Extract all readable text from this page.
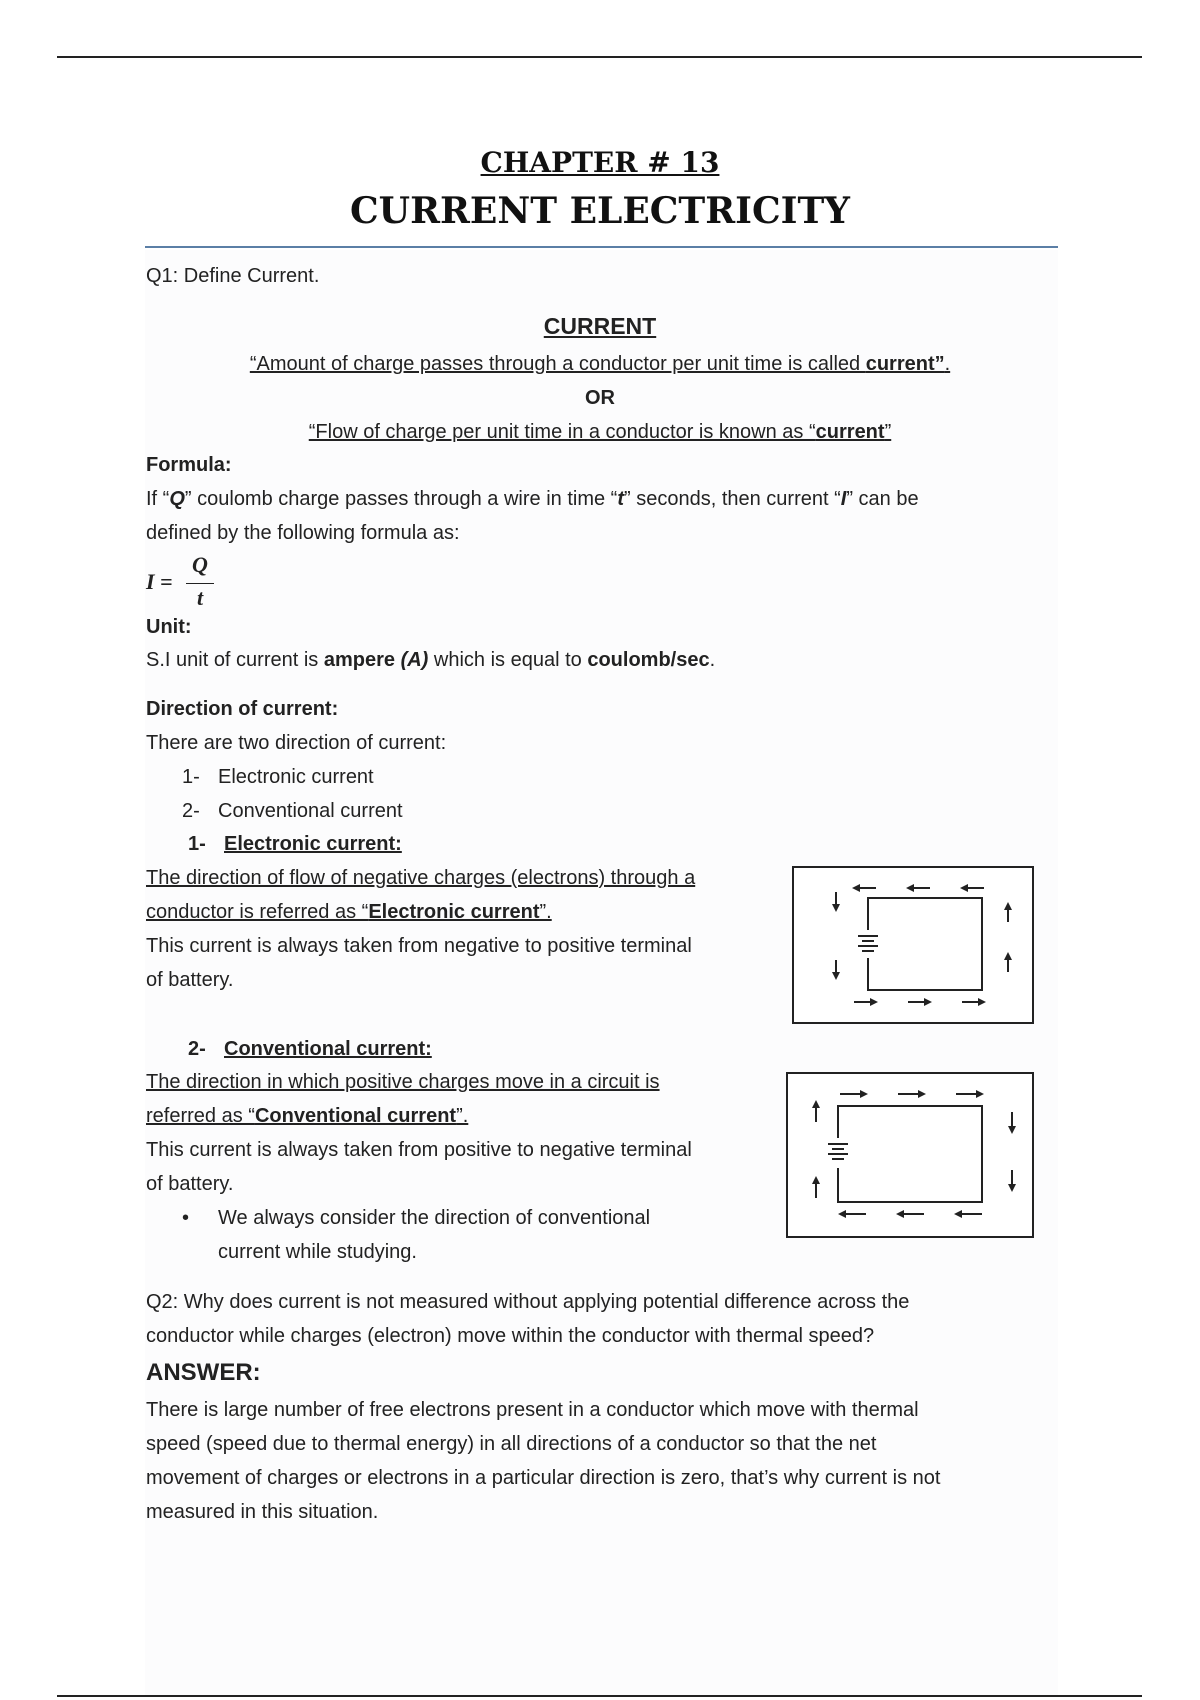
CHAPTER # 13
CURRENT ELECTRICITY
Q1: Define Current.
CURRENT
“Amount of charge passes through a conductor per unit time is called current”.
OR
“Flow of charge per unit time in a conductor is known as “current”
Formula:
If “Q” coulomb charge passes through a wire in time “t” seconds, then current “I” can be
defined by the following formula as:
I =
Q
t
Unit:
S.I unit of current is ampere (A) which is equal to coulomb/sec.
Direction of current:
There are two direction of current:
1- Electronic current
2- Conventional current
1- Electronic current:
The direction of flow of negative charges (electrons) through a
conductor is referred as “Electronic current”.
This current is always taken from negative to positive terminal
of battery.
2- Conventional current:
The direction in which positive charges move in a circuit is
referred as “Conventional current”.
This current is always taken from positive to negative terminal
of battery.
• We always consider the direction of conventional
current while studying.
Q2: Why does current is not measured without applying potential difference across the
conductor while charges (electron) move within the conductor with thermal speed?
ANSWER:
There is large number of free electrons present in a conductor which move with thermal
speed (speed due to thermal energy) in all directions of a conductor so that the net
movement of charges or electrons in a particular direction is zero, that’s why current is not
measured in this situation.
